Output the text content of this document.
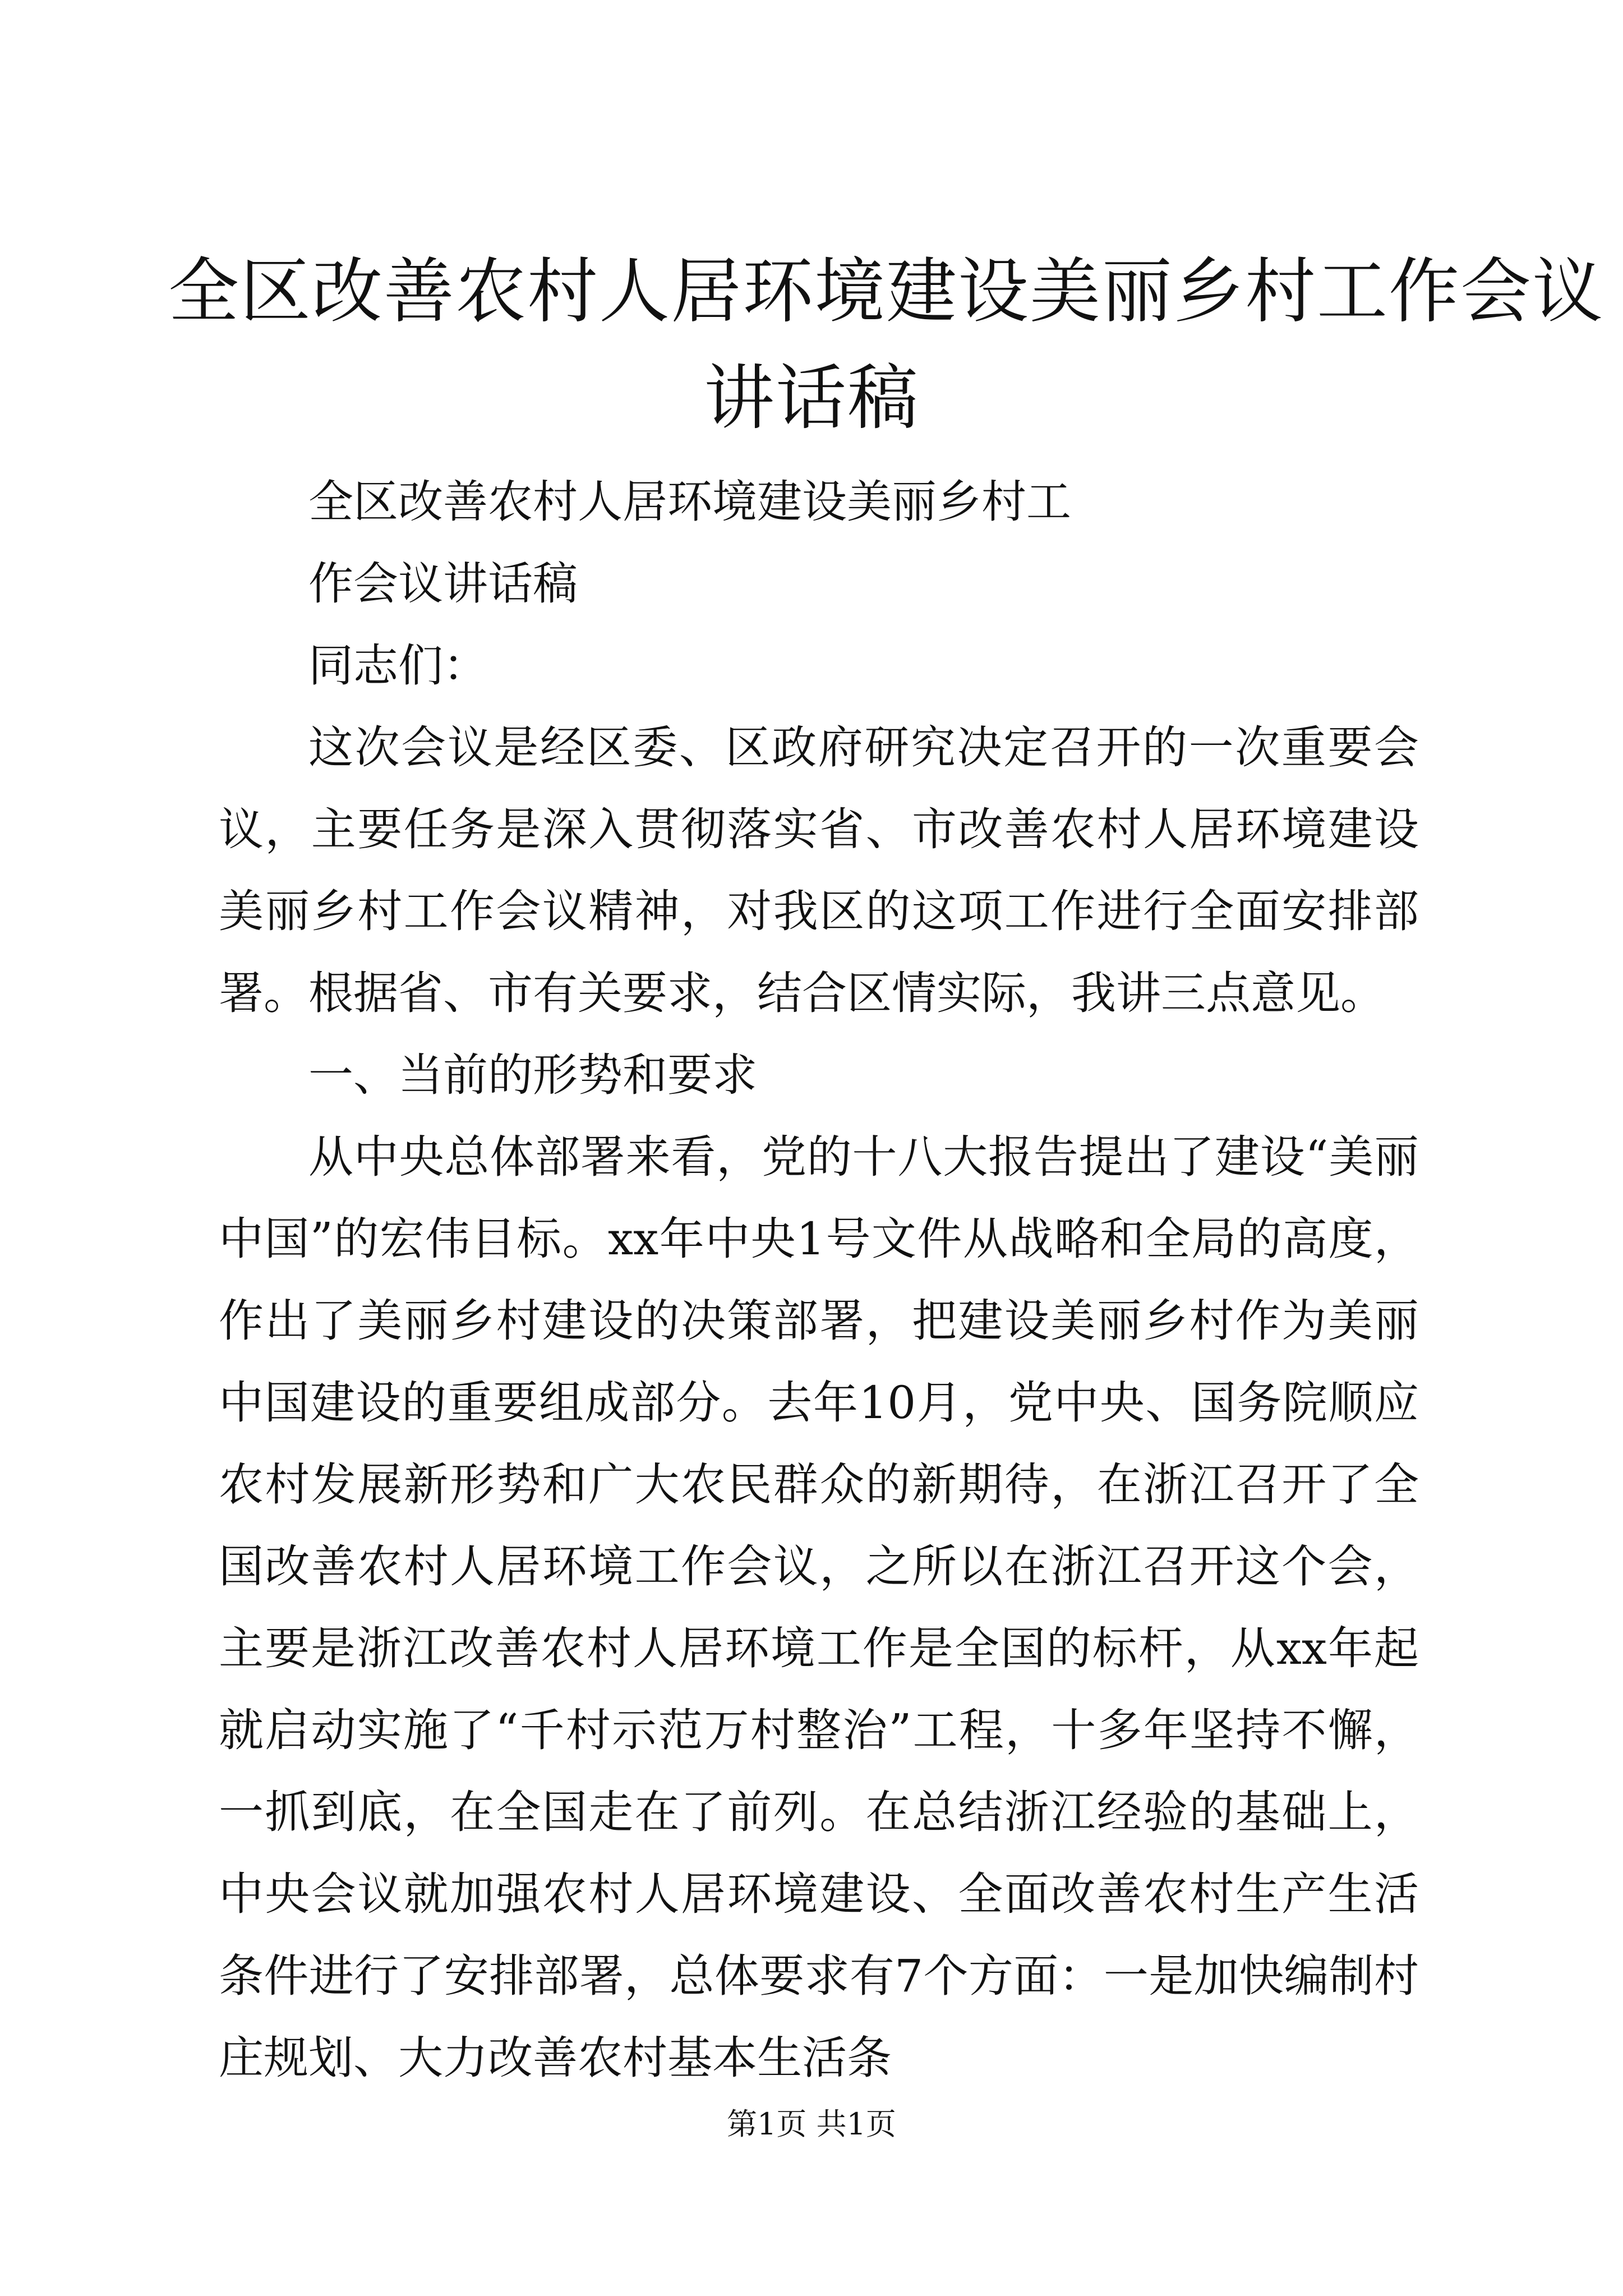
全区改善农村人居环境建设美丽乡村工作会议
讲话稿

全区改善农村人居环境建设美丽乡村工

作会议讲话稿

同志们：

这次会议是经区委、区政府研究决定召开的一次重要会议，主要任务是深入贯彻落实省、市改善农村人居环境建设美丽乡村工作会议精神，对我区的这项工作进行全面安排部署。根据省、市有关要求，结合区情实际，我讲三点意见。

一、当前的形势和要求

从中央总体部署来看，党的十八大报告提出了建设“美丽中国”的宏伟目标。xx年中央1号文件从战略和全局的高度，作出了美丽乡村建设的决策部署，把建设美丽乡村作为美丽中国建设的重要组成部分。去年10月，党中央、国务院顺应农村发展新形势和广大农民群众的新期待，在浙江召开了全国改善农村人居环境工作会议，之所以在浙江召开这个会，主要是浙江改善农村人居环境工作是全国的标杆，从xx年起就启动实施了“千村示范万村整治”工程，十多年坚持不懈，一抓到底，在全国走在了前列。在总结浙江经验的基础上，中央会议就加强农村人居环境建设、全面改善农村生产生活条件进行了安排部署，总体要求有7个方面：一是加快编制村庄规划、大力改善农村基本生活条

第1页 共1页
